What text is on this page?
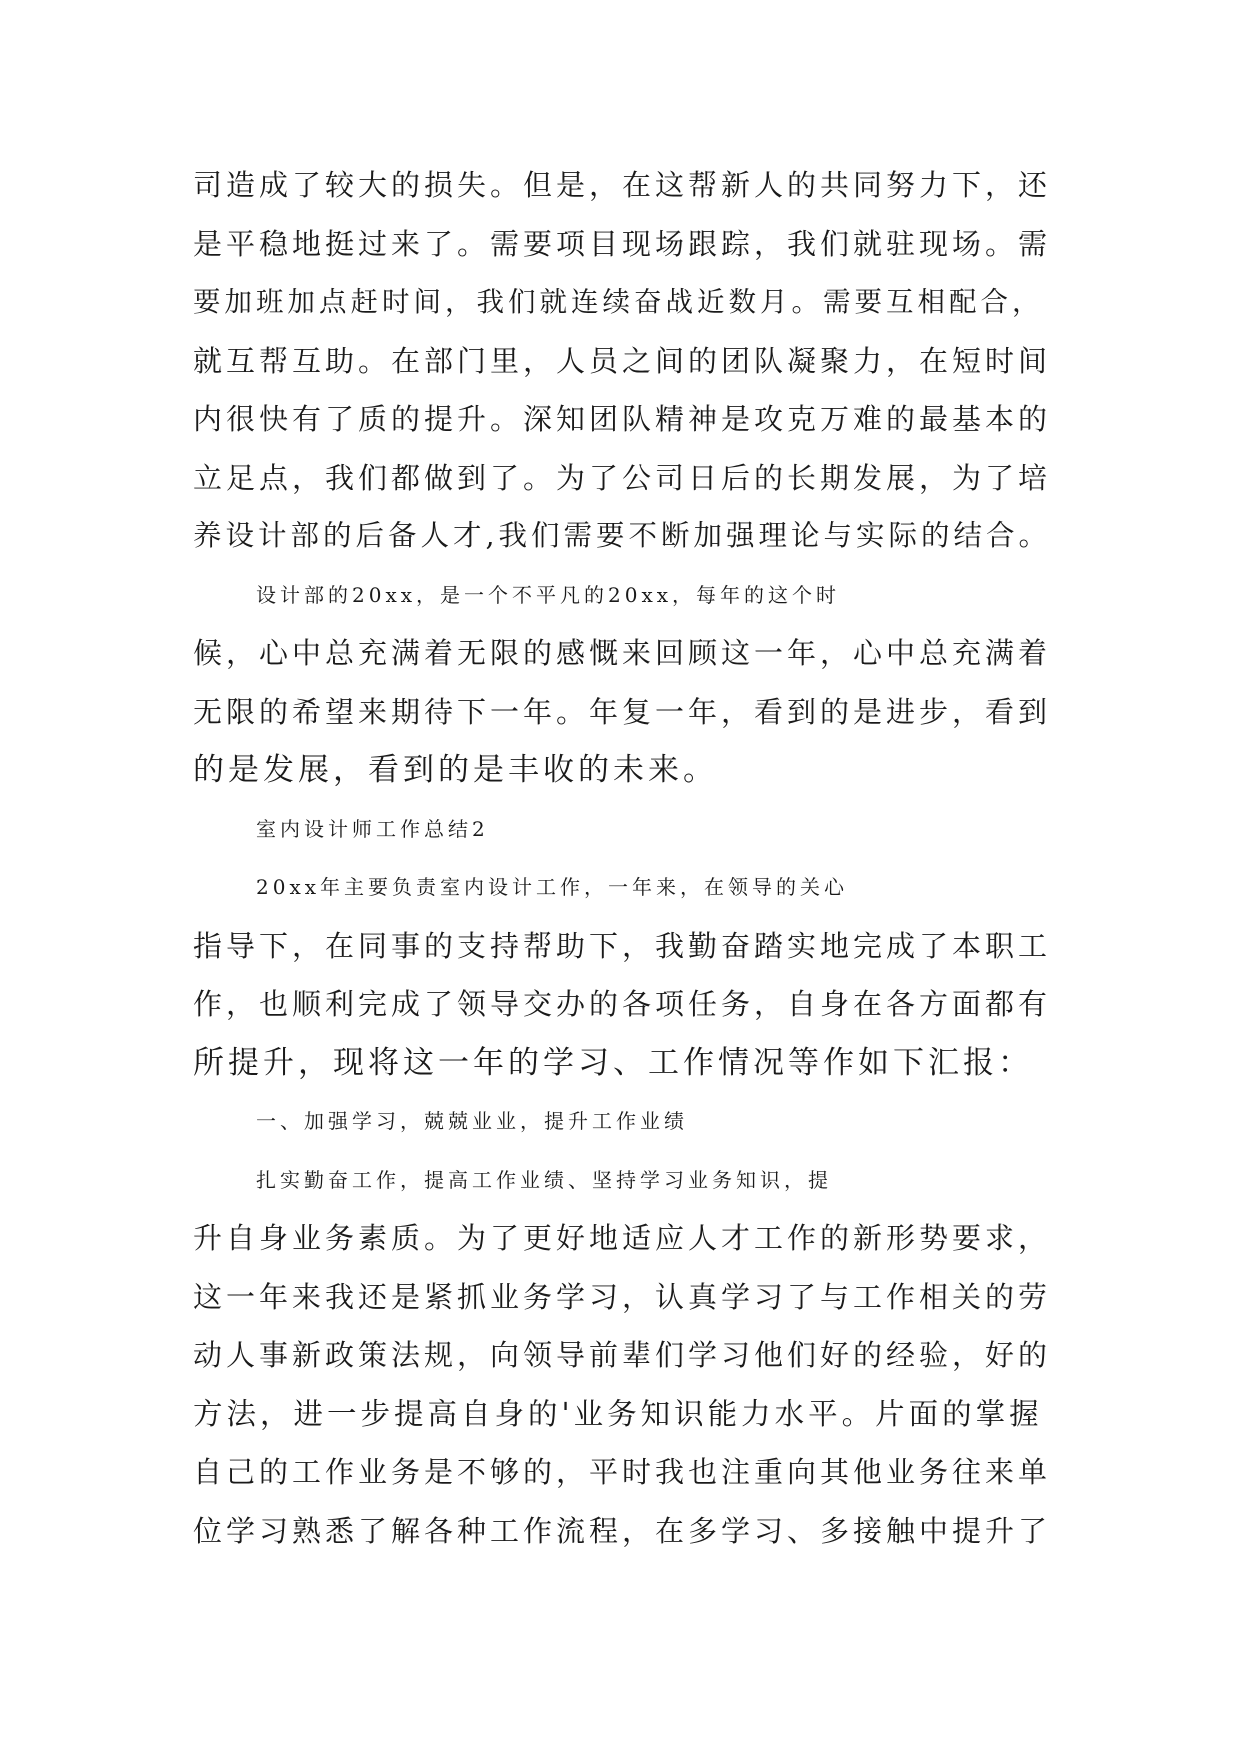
司造成了较大的损失。但是，在这帮新人的共同努力下，还
是平稳地挺过来了。需要项目现场跟踪，我们就驻现场。需
要加班加点赶时间，我们就连续奋战近数月。需要互相配合，
就互帮互助。在部门里，人员之间的团队凝聚力，在短时间
内很快有了质的提升。深知团队精神是攻克万难的最基本的
立足点，我们都做到了。为了公司日后的长期发展，为了培
养设计部的后备人才,我们需要不断加强理论与实际的结合。
设计部的20xx，是一个不平凡的20xx，每年的这个时
候，心中总充满着无限的感慨来回顾这一年，心中总充满着
无限的希望来期待下一年。年复一年，看到的是进步，看到
的是发展，看到的是丰收的未来。
室内设计师工作总结2
20xx年主要负责室内设计工作，一年来，在领导的关心
指导下，在同事的支持帮助下，我勤奋踏实地完成了本职工
作，也顺利完成了领导交办的各项任务，自身在各方面都有
所提升，现将这一年的学习、工作情况等作如下汇报：
一、加强学习，兢兢业业，提升工作业绩
扎实勤奋工作，提高工作业绩、坚持学习业务知识，提
升自身业务素质。为了更好地适应人才工作的新形势要求，
这一年来我还是紧抓业务学习，认真学习了与工作相关的劳
动人事新政策法规，向领导前辈们学习他们好的经验，好的
方法，进一步提高自身的'业务知识能力水平。片面的掌握
自己的工作业务是不够的，平时我也注重向其他业务往来单
位学习熟悉了解各种工作流程，在多学习、多接触中提升了
